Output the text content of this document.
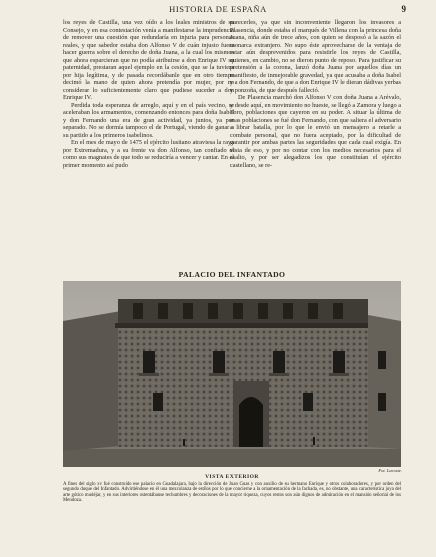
HISTORIA DE ESPAÑA	9

los reyes de Castilla, una vez oído a los leales ministros de su Consejo, y en esa contestación venía a manifestarse la imprudencia de remover una cuestión que redundaría en injuria para personas reales, y que sabedor estaba don Alfonso V de cuán injusto fuera hacer guerra sobre el derecho de doña Juana, a la cual los mismos que ahora esparcieran que no podía atribuirse a don Enrique IV su paternidad, prestaran aquel ejemplo en la cesión, que se la tuviera por hija legítima, y de pasada recordábanle que en otro tiempo decimó la mano de quien ahora pretendía por mujer, por no considerar lo suficientemente claro que pudiese suceder a don Enrique IV.

Perdida toda esperanza de arreglo, aquí y en el país vecino, se aceleraban los armamentos, comenzando entonces para doña Isabel y don Fernando una era de gran actividad, ya juntos, ya por separado. No se dormía tampoco el de Portugal, viendo de ganar a su partido a los primeros isabelinos.

En el mes de mayo de 1475 el ejército lusitano atraviesa la raya por Extremadura, y a su frente va don Alfonso, tan confiado el como sus magnates de que todo se reduciría a vencer y cantar. En el primer momento así pudo

parecerles, ya que sin inconveniente llegaron los invasores a Plasencia, donde estaba el marqués de Villena con la princesa doña Juana, niña aún de trece años, con quien se desposó a la sazón el monarca extranjero. No supo éste aprovecharse de la ventaja de estar aún desprevenidos para resistirle los reyes de Castilla, quienes, en cambio, no se dieron punto de reposo. Para justificar su pretensión a la corona, lanzó doña Juana por aquellos días un manifiesto, de inmejorable gravedad, ya que acusaba a doña Isabel y a don Fernando, de que a don Enrique IV le dieran dádivas yerbas y ponzoña, de que después falleció.

De Plasencia marchó don Alfonso V con doña Juana a Arévalo, y desde aquí, en movimiento no hueste, se llegó a Zamora y luego a Toro, poblaciones que cayeron en su poder. A situar la última de esas poblaciones se fué don Fernando, con que saliera el adversario a librar batalla, por lo que le envió un mensajero a retarle a combate personal, que no fuera aceptado, por la dificultad de garantir por ambas partes las seguridades que cada cual exigía. En vista de eso, y por no contar con los medios necesarios para el asalto, y por ser alegadizos los que constituían el ejército castellano, se re-

PALACIO DEL INFANTADO
Fot. Lacoste.
VISTA EXTERIOR
A fines del siglo xv fué construído ese palacio en Guadalajara, bajo la dirección de Juan Guas y con auxilio de su hermano Enrique y otros colaboradores, y por orden del segundo duque del Infantado. Advirtiéndose en él una mezcolanza de estilos por lo que concierne a la ornamentación de la fachada, es, no obstante, una característica joya del arte gótico mudéjar, y en sus interiores ostentábanse techumbres y decoraciones de la mayor riqueza, cuyos restos son aún dignos de admiración en el mansión señorial de los Mendoza.
